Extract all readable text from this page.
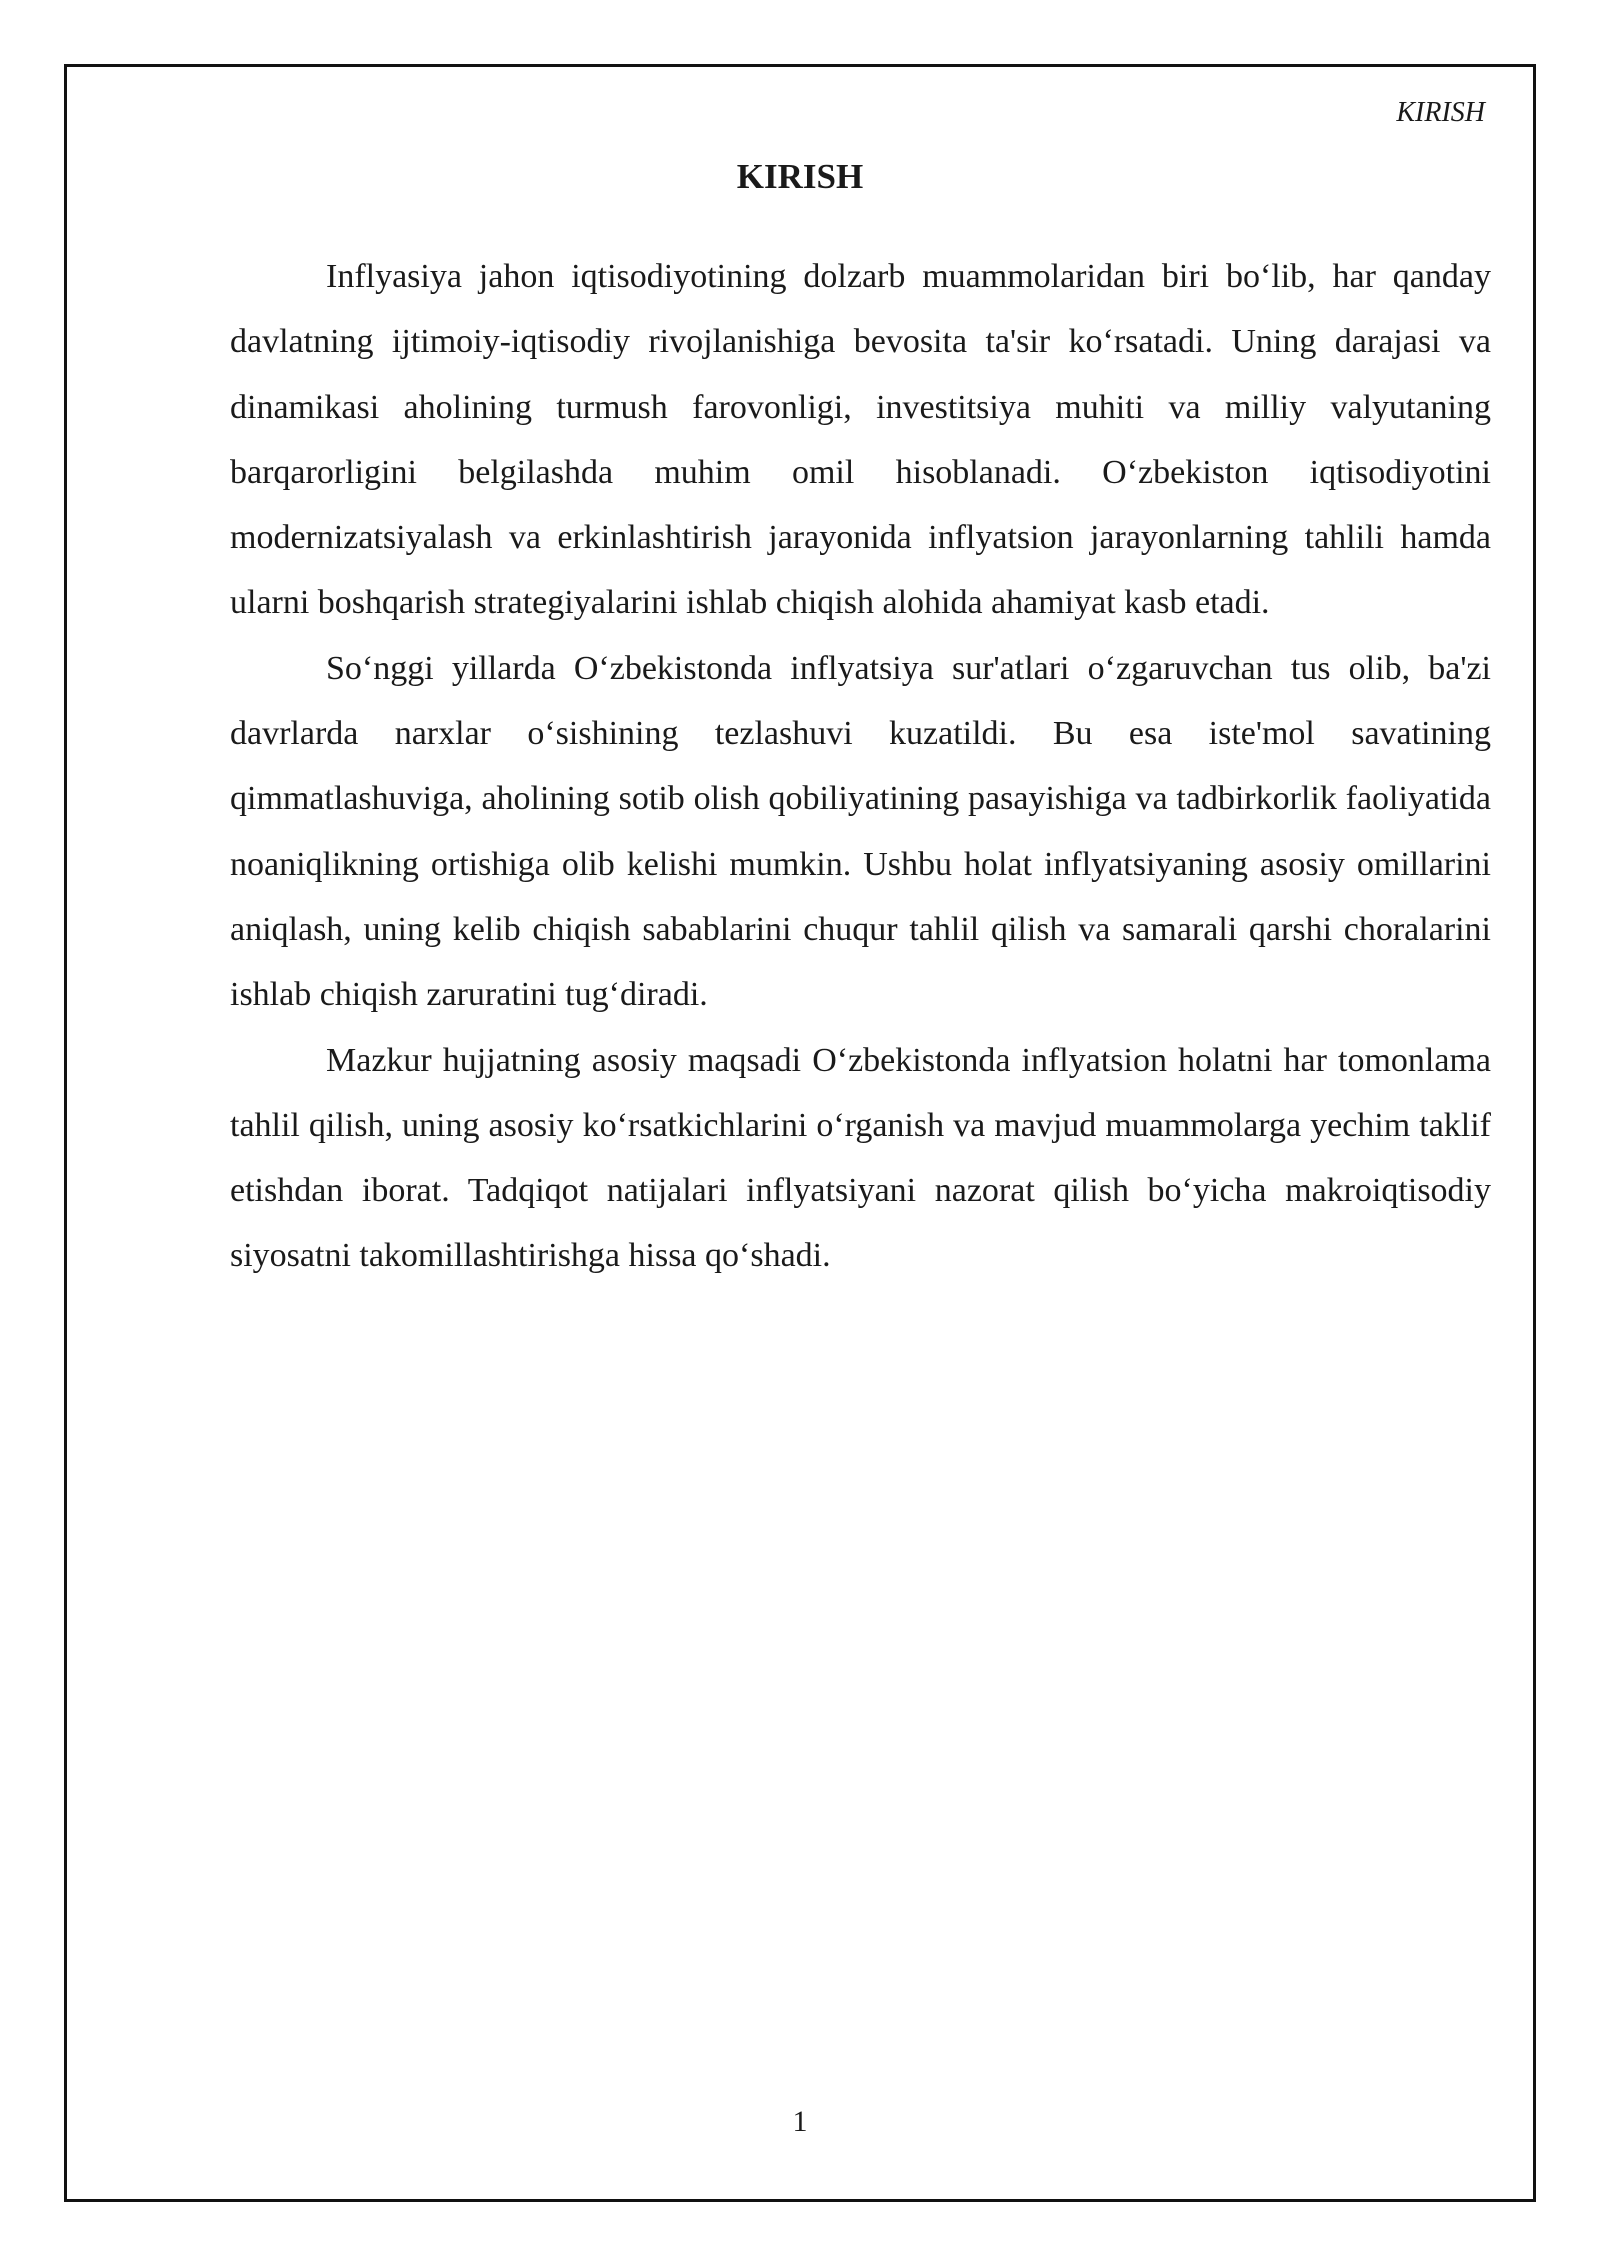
KIRISH
KIRISH

Inflyasiya jahon iqtisodiyotining dolzarb muammolaridan biri bo‘lib, har qanday davlatning ijtimoiy-iqtisodiy rivojlanishiga bevosita ta'sir ko‘rsatadi. Uning darajasi va dinamikasi aholining turmush farovonligi, investitsiya muhiti va milliy valyutaning barqarorligini belgilashda muhim omil hisoblanadi. O‘zbekiston iqtisodiyotini modernizatsiyalash va erkinlashtirish jarayonida inflyatsion jarayonlarning tahlili hamda ularni boshqarish strategiyalarini ishlab chiqish alohida ahamiyat kasb etadi.

So‘nggi yillarda O‘zbekistonda inflyatsiya sur'atlari o‘zgaruvchan tus olib, ba'zi davrlarda narxlar o‘sishining tezlashuvi kuzatildi. Bu esa iste'mol savatining qimmatlashuviga, aholining sotib olish qobiliyatining pasayishiga va tadbirkorlik faoliyatida noaniqlikning ortishiga olib kelishi mumkin. Ushbu holat inflyatsiyaning asosiy omillarini aniqlash, uning kelib chiqish sabablarini chuqur tahlil qilish va samarali qarshi choralarini ishlab chiqish zaruratini tug‘diradi.

Mazkur hujjatning asosiy maqsadi O‘zbekistonda inflyatsion holatni har tomonlama tahlil qilish, uning asosiy ko‘rsatkichlarini o‘rganish va mavjud muammolarga yechim taklif etishdan iborat. Tadqiqot natijalari inflyatsiyani nazorat qilish bo‘yicha makroiqtisodiy siyosatni takomillashtirishga hissa qo‘shadi.

1
